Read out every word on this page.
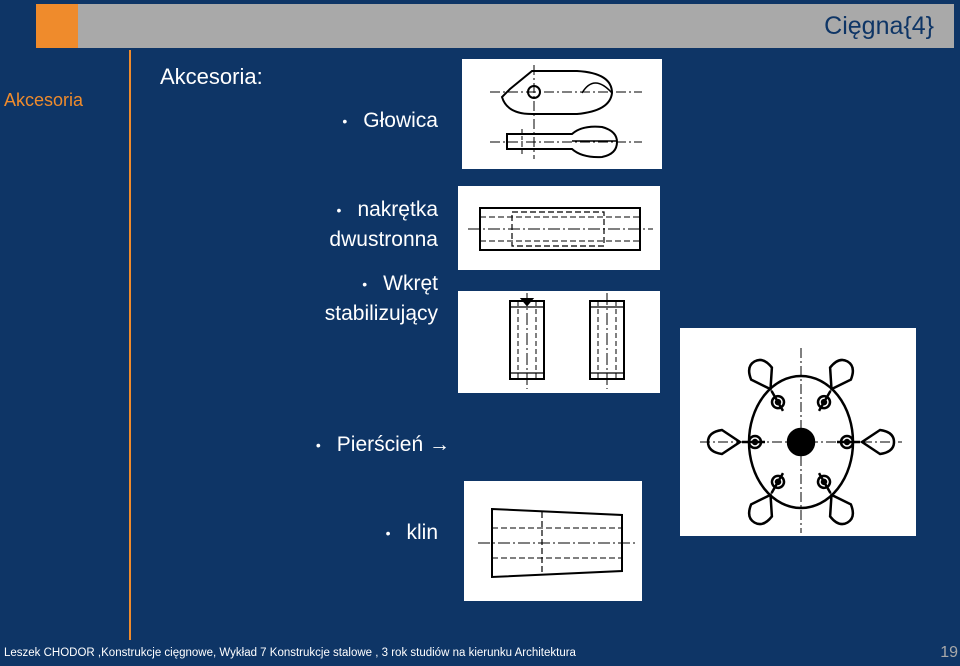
Cięgna{4}
Akcesoria
Akcesoria:
• Głowica
• nakrętka
dwustronna
• Wkręt
stabilizujący
• Pierścień →
• klin
Leszek CHODOR ,Konstrukcje cięgnowe, Wykład 7 Konstrukcje stalowe , 3 rok studiów na kierunku Architektura	19
